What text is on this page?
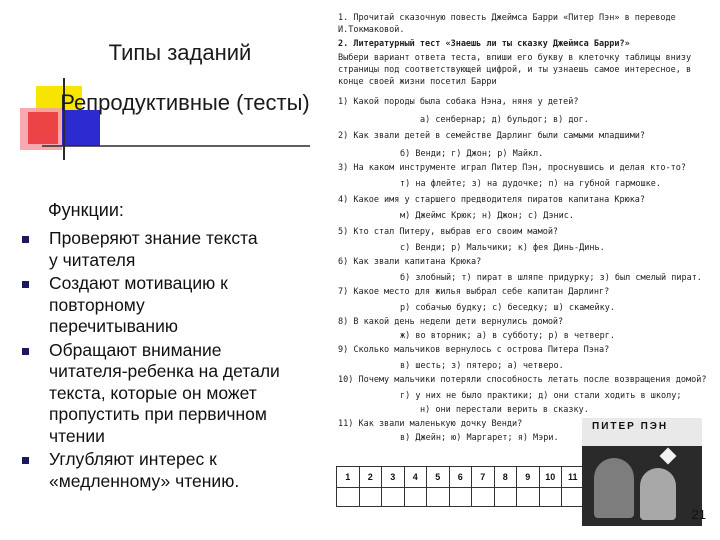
Типы заданий
Репродуктивные (тесты)
Функции:
Проверяют знание текста у читателя
Создают мотивацию к повторному перечитыванию
Обращают внимание читателя-ребенка на детали текста, которые он может пропустить при первичном чтении
Углубляют интерес к «медленному» чтению.
1. Прочитай сказочную повесть Джеймса Барри «Питер Пэн» в переводе И.Токмаковой.
2. Литературный тест «Знаешь ли ты сказку Джеймса Барри?»
Выбери вариант ответа теста, впиши его букву в клеточку таблицы внизу страницы под соответствующей цифрой, и ты узнаешь самое интересное, в конце своей жизни посетил Барри
1) Какой породы была собака Нэна, няня у детей?
а) сенбернар; д) бульдог; в) дог.
2) Как звали детей в семействе Дарлинг были самыми младшими?
б) Венди; г) Джон; р) Майкл.
3) На каком инструменте играл Питер Пэн, проснувшись и делая кто-то?
т) на флейте; з) на дудочке; п) на губной гармошке.
4) Какое имя у старшего предводителя пиратов капитана Крюка?
м) Джеймс Крюк; н) Джон; с) Дэнис.
5) Кто стал Питеру, выбрав его своим мамой?
с) Венди; р) Мальчики; к) фея Динь-Динь.
6) Как звали капитана Крюка?
б) злобный; т) пират в шляпе придурку; з) был смелый пират.
7) Какое место для жилья выбрал себе капитан Дарлинг?
р) собачью будку; с) беседку; ш) скамейку.
8) В какой день недели дети вернулись домой?
ж) во вторник; а) в субботу; р) в четверг.
9) Сколько мальчиков вернулось с острова Питера Пэна?
в) шесть; з) пятеро; а) четверо.
10) Почему мальчики потеряли способность летать после возвращения домой?
г) у них не было практики; д) они стали ходить в школу;
н) они перестали верить в сказку.
11) Как звали маленькую дочку Венди?
в) Джейн; ю) Маргарет; я) Мэри.
1	2	3	4	5	6	7	8	9	10	11

ПИТЕР ПЭН
21
